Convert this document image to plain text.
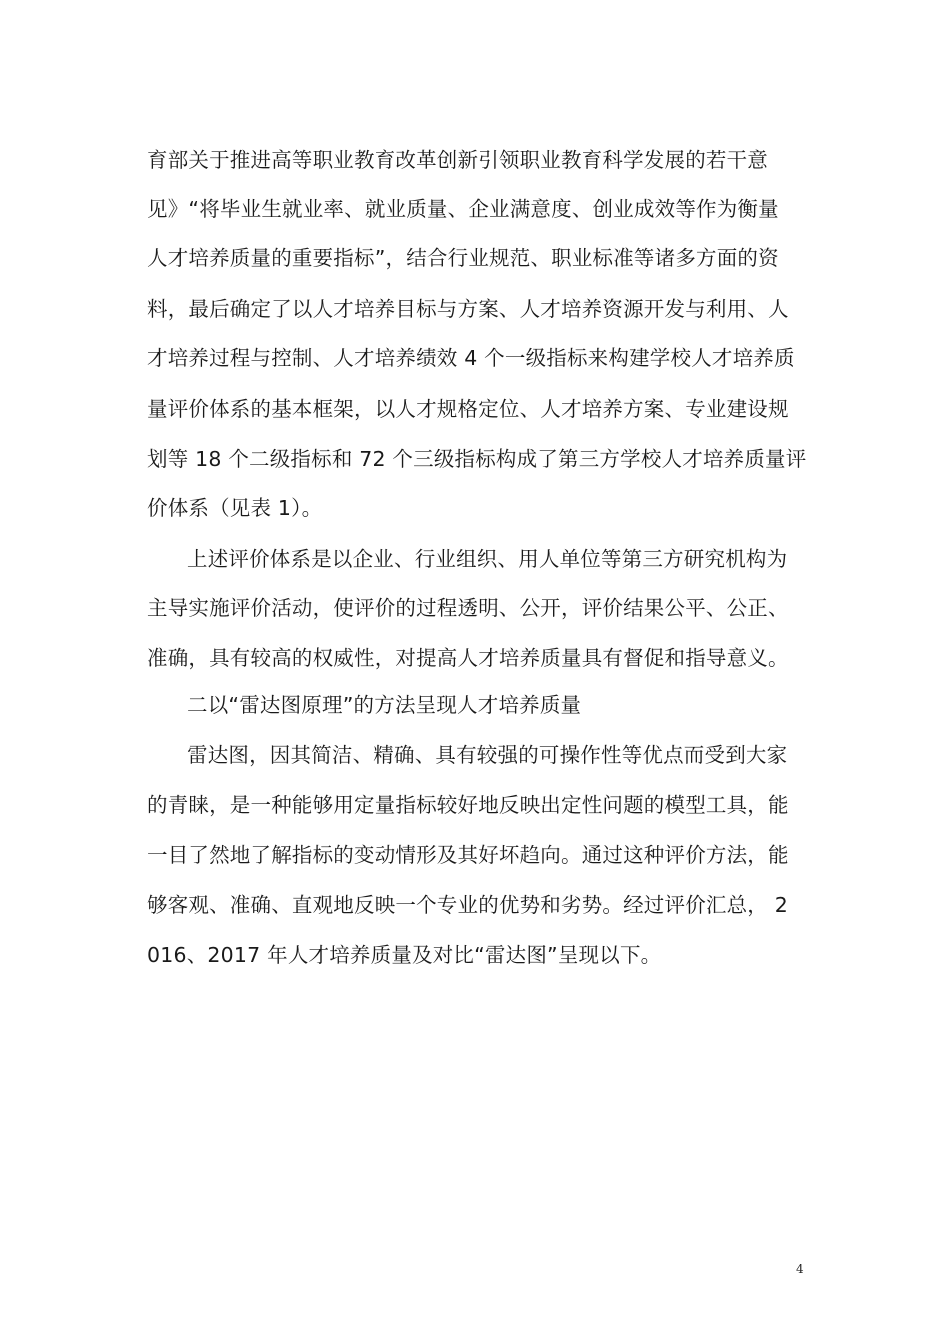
育部关于推进高等职业教育改革创新引领职业教育科学发展的若干意
见》“将毕业生就业率、就业质量、企业满意度、创业成效等作为衡量
人才培养质量的重要指标”，结合行业规范、职业标准等诸多方面的资
料，最后确定了以人才培养目标与方案、人才培养资源开发与利用、人
才培养过程与控制、人才培养绩效 4 个一级指标来构建学校人才培养质
量评价体系的基本框架，以人才规格定位、人才培养方案、专业建设规
划等 18 个二级指标和 72 个三级指标构成了第三方学校人才培养质量评
价体系（见表 1）。
上述评价体系是以企业、行业组织、用人单位等第三方研究机构为
主导实施评价活动，使评价的过程透明、公开，评价结果公平、公正、
准确，具有较高的权威性，对提高人才培养质量具有督促和指导意义。
二以“雷达图原理”的方法呈现人才培养质量
雷达图，因其简洁、精确、具有较强的可操作性等优点而受到大家
的青睐，是一种能够用定量指标较好地反映出定性问题的模型工具，能
一目了然地了解指标的变动情形及其好坏趋向。通过这种评价方法，能
够客观、准确、直观地反映一个专业的优势和劣势。经过评价汇总， 2
016、2017 年人才培养质量及对比“雷达图”呈现以下。
4
